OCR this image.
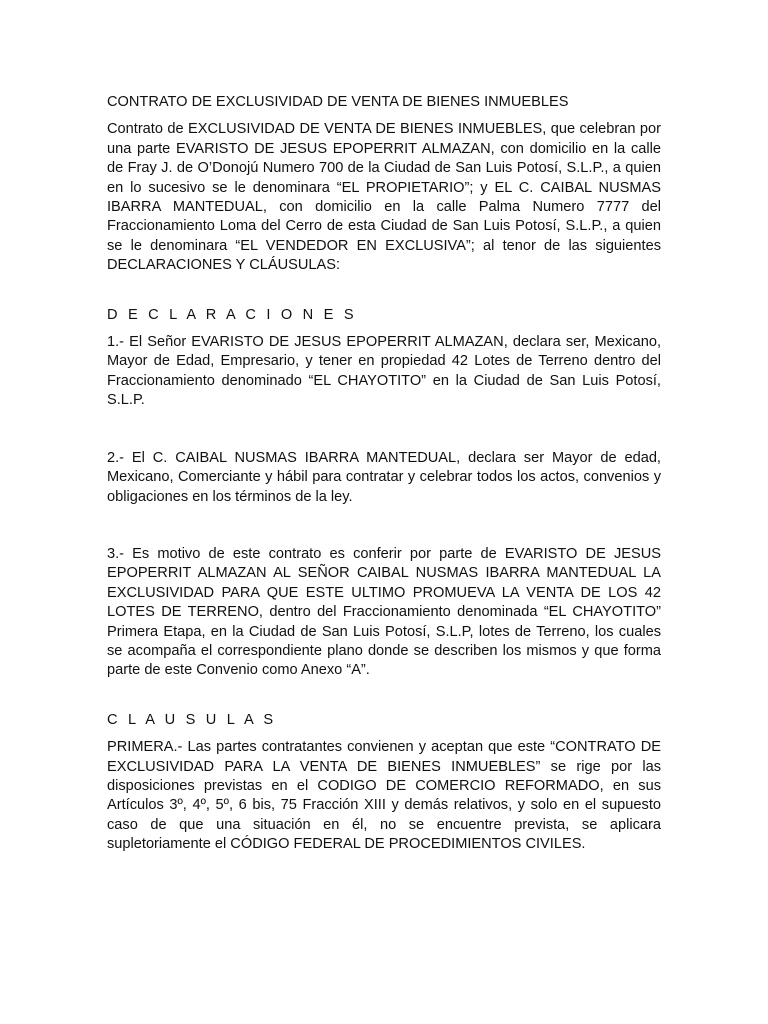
CONTRATO DE EXCLUSIVIDAD DE VENTA DE BIENES INMUEBLES

Contrato de EXCLUSIVIDAD DE VENTA DE BIENES INMUEBLES, que celebran por una parte EVARISTO DE JESUS EPOPERRIT ALMAZAN, con domicilio en la calle de Fray J. de O’Donojú Numero 700 de la Ciudad de San Luis Potosí, S.L.P., a quien en lo sucesivo se le denominara “EL PROPIETARIO”; y EL C. CAIBAL NUSMAS IBARRA MANTEDUAL, con domicilio en la calle Palma Numero 7777 del Fraccionamiento Loma del Cerro de esta Ciudad de San Luis Potosí, S.L.P., a quien se le denominara “EL VENDEDOR EN EXCLUSIVA”; al tenor de las siguientes DECLARACIONES Y CLÁUSULAS:

D E C L A R A C I O N E S

1.- El Señor EVARISTO DE JESUS EPOPERRIT ALMAZAN, declara ser, Mexicano, Mayor de Edad, Empresario, y tener en propiedad 42 Lotes de Terreno dentro del Fraccionamiento denominado “EL CHAYOTITO” en la Ciudad de San Luis Potosí, S.L.P.

2.- El C. CAIBAL NUSMAS IBARRA MANTEDUAL, declara ser Mayor de edad, Mexicano, Comerciante y hábil para contratar y celebrar todos los actos, convenios y obligaciones en los términos de la ley.

3.- Es motivo de este contrato es conferir por parte de EVARISTO DE JESUS EPOPERRIT ALMAZAN AL SEÑOR CAIBAL NUSMAS IBARRA MANTEDUAL LA EXCLUSIVIDAD PARA QUE ESTE ULTIMO PROMUEVA LA VENTA DE LOS 42 LOTES DE TERRENO, dentro del Fraccionamiento denominada “EL CHAYOTITO” Primera Etapa, en la Ciudad de San Luis Potosí, S.L.P, lotes de Terreno, los cuales se acompaña el correspondiente plano donde se describen los mismos y que forma parte de este Convenio como Anexo “A”.

C L A U S U L A S

PRIMERA.- Las partes contratantes convienen y aceptan que este “CONTRATO DE EXCLUSIVIDAD PARA LA VENTA DE BIENES INMUEBLES” se rige por las disposiciones previstas en el CODIGO DE COMERCIO REFORMADO, en sus Artículos 3º, 4º, 5º, 6 bis, 75 Fracción XIII y demás relativos, y solo en el supuesto caso de que una situación en él, no se encuentre prevista, se aplicara supletoriamente el CÓDIGO FEDERAL DE PROCEDIMIENTOS CIVILES.
